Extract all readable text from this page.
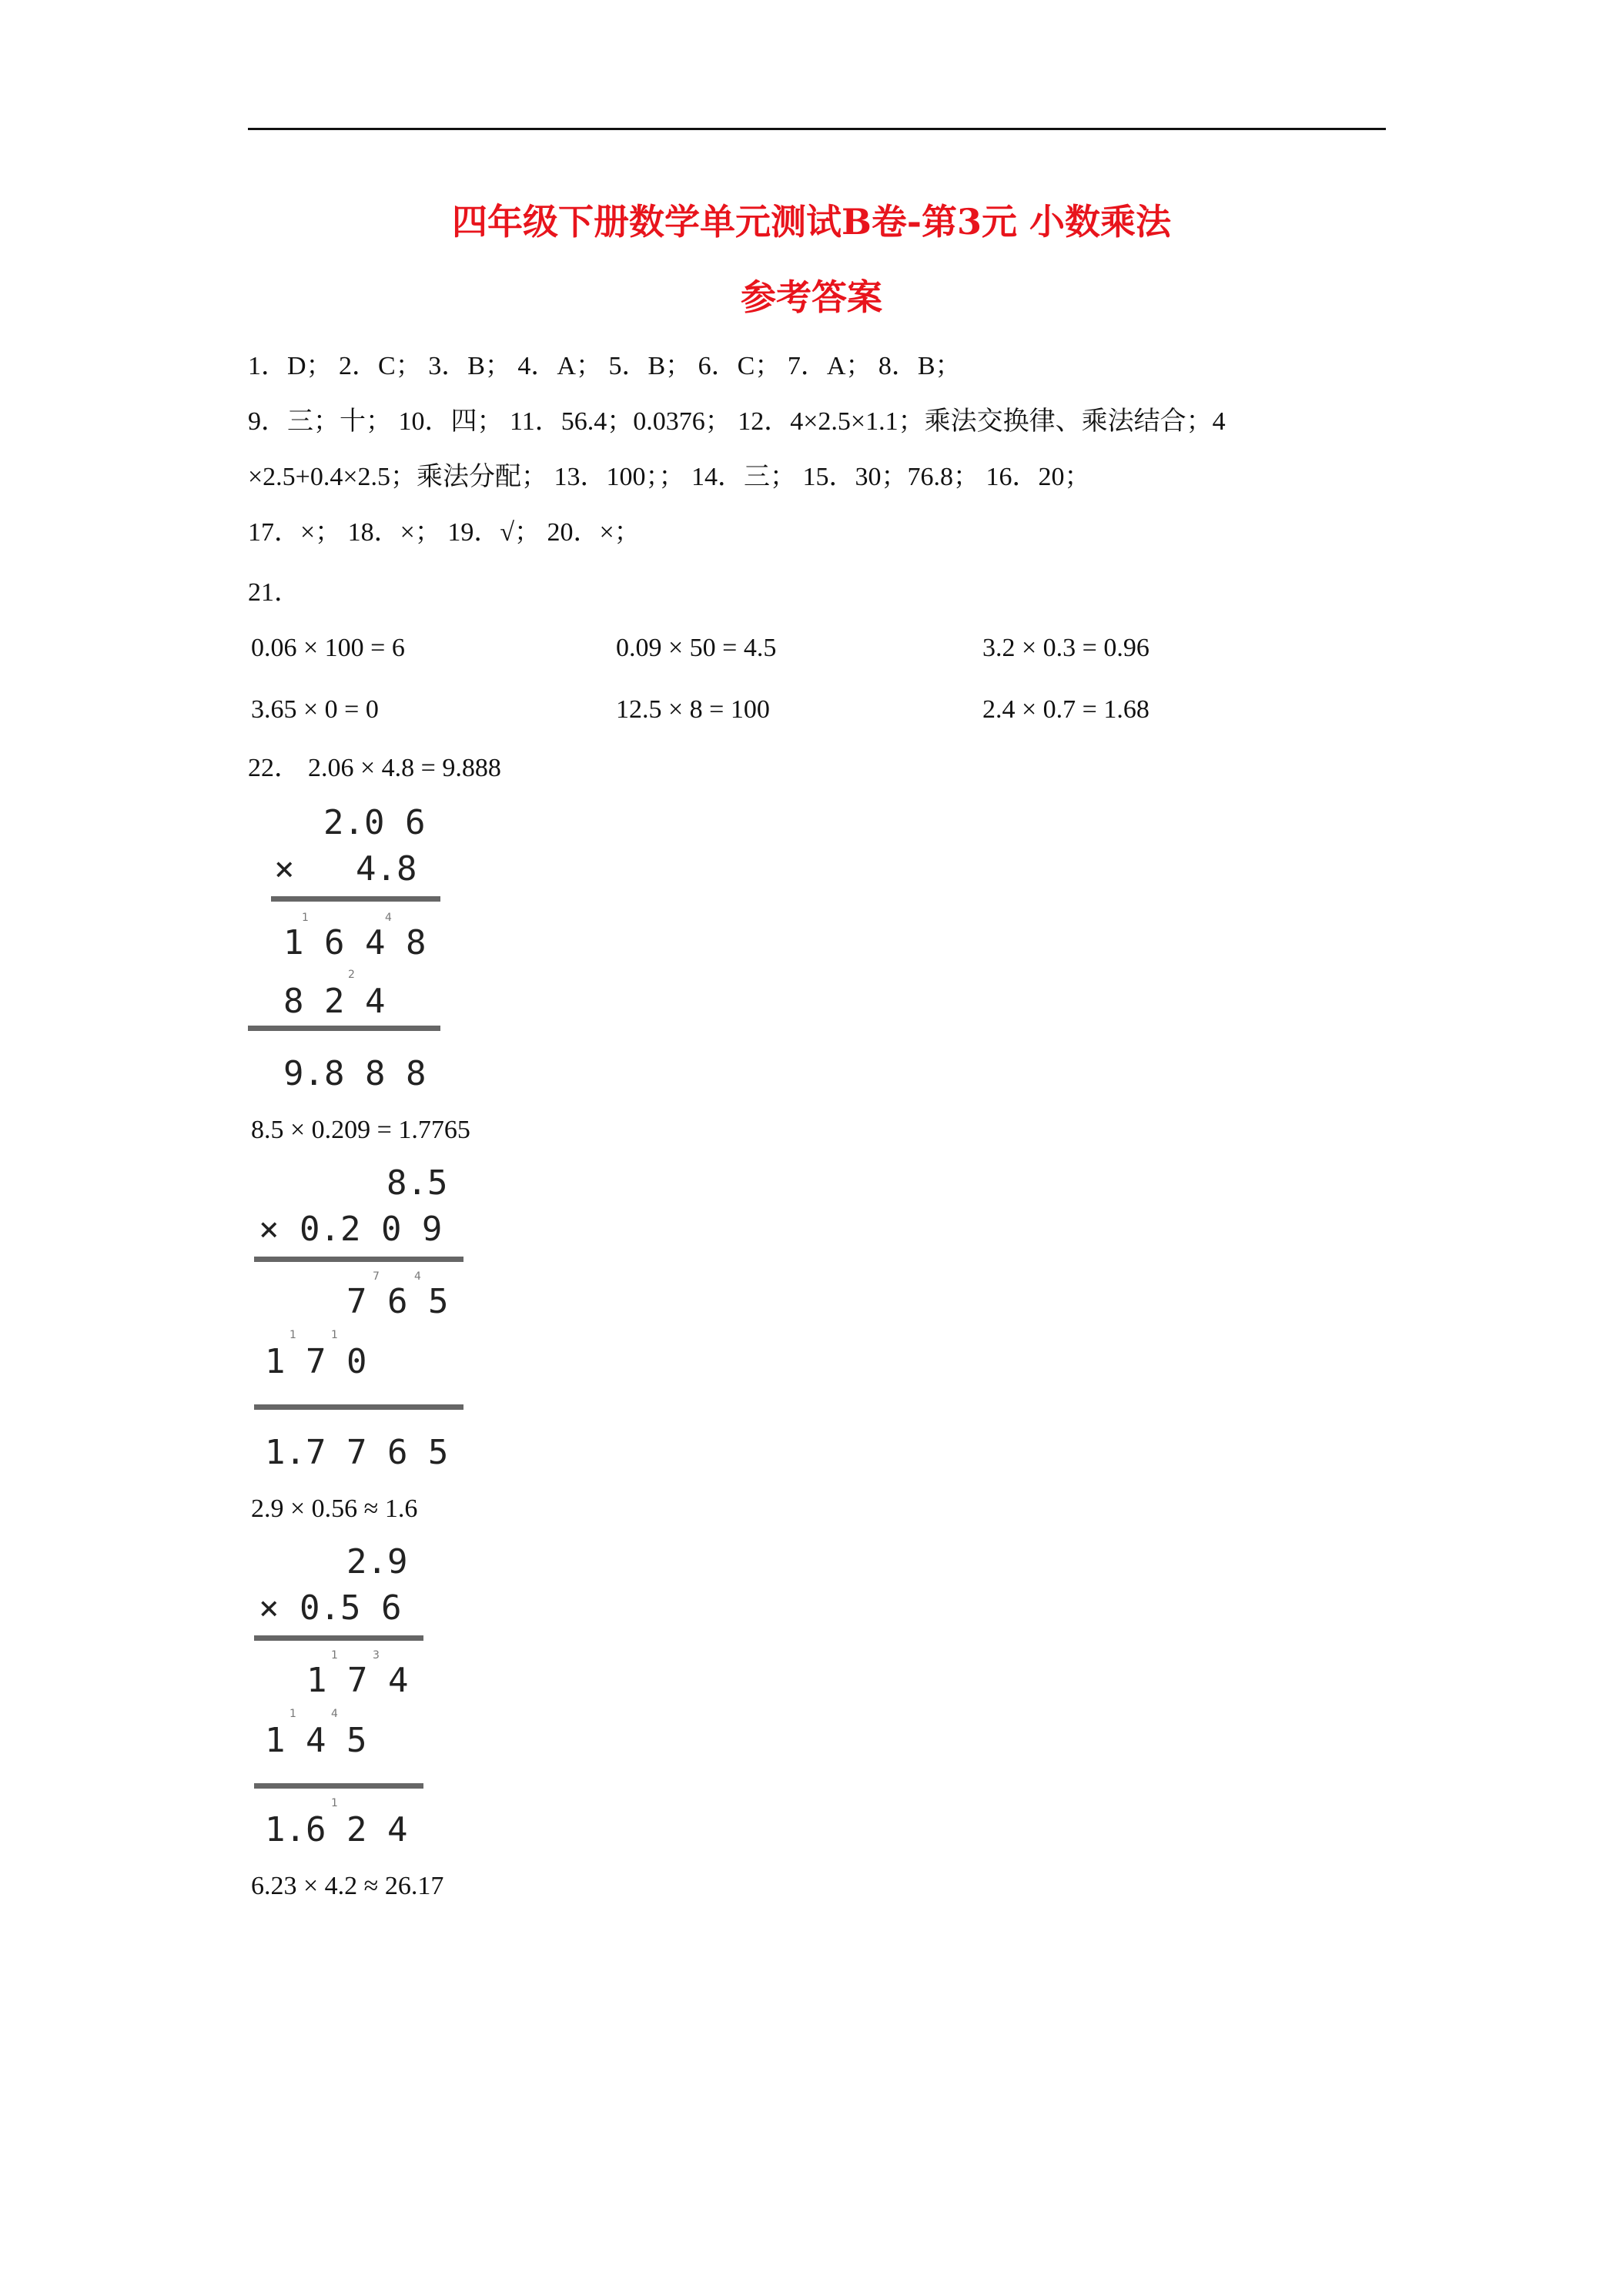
四年级下册数学单元测试B卷-第3元 小数乘法
参考答案
1．D； 2．C； 3．B； 4．A； 5．B； 6．C； 7．A； 8．B；
9．三；十； 10．四； 11．56.4；0.0376； 12．4×2.5×1.1；乘法交换律、乘法结合；4
×2.5+0.4×2.5；乘法分配； 13．100；； 14．三； 15．30；76.8； 16．20；
17．×； 18．×； 19．√； 20．×；
21．
0.06 × 100 = 6	0.09 × 50 = 4.5	3.2 × 0.3 = 0.96
3.65 × 0 = 0	12.5 × 8 = 100	2.4 × 0.7 = 1.68
22． 2.06 × 4.8 = 9.888
2.0 6
×   4.8
1	4
1 6 4 8
2
8 2 4
9.8 8 8
8.5 × 0.209 = 1.7765
8.5
× 0.2 0 9
7	4
7 6 5
1	1
1 7 0
1.7 7 6 5
2.9 × 0.56 ≈ 1.6
2.9
× 0.5 6
1	3
1 7 4
1	4
1 4 5
1
1.6 2 4
6.23 × 4.2 ≈ 26.17
